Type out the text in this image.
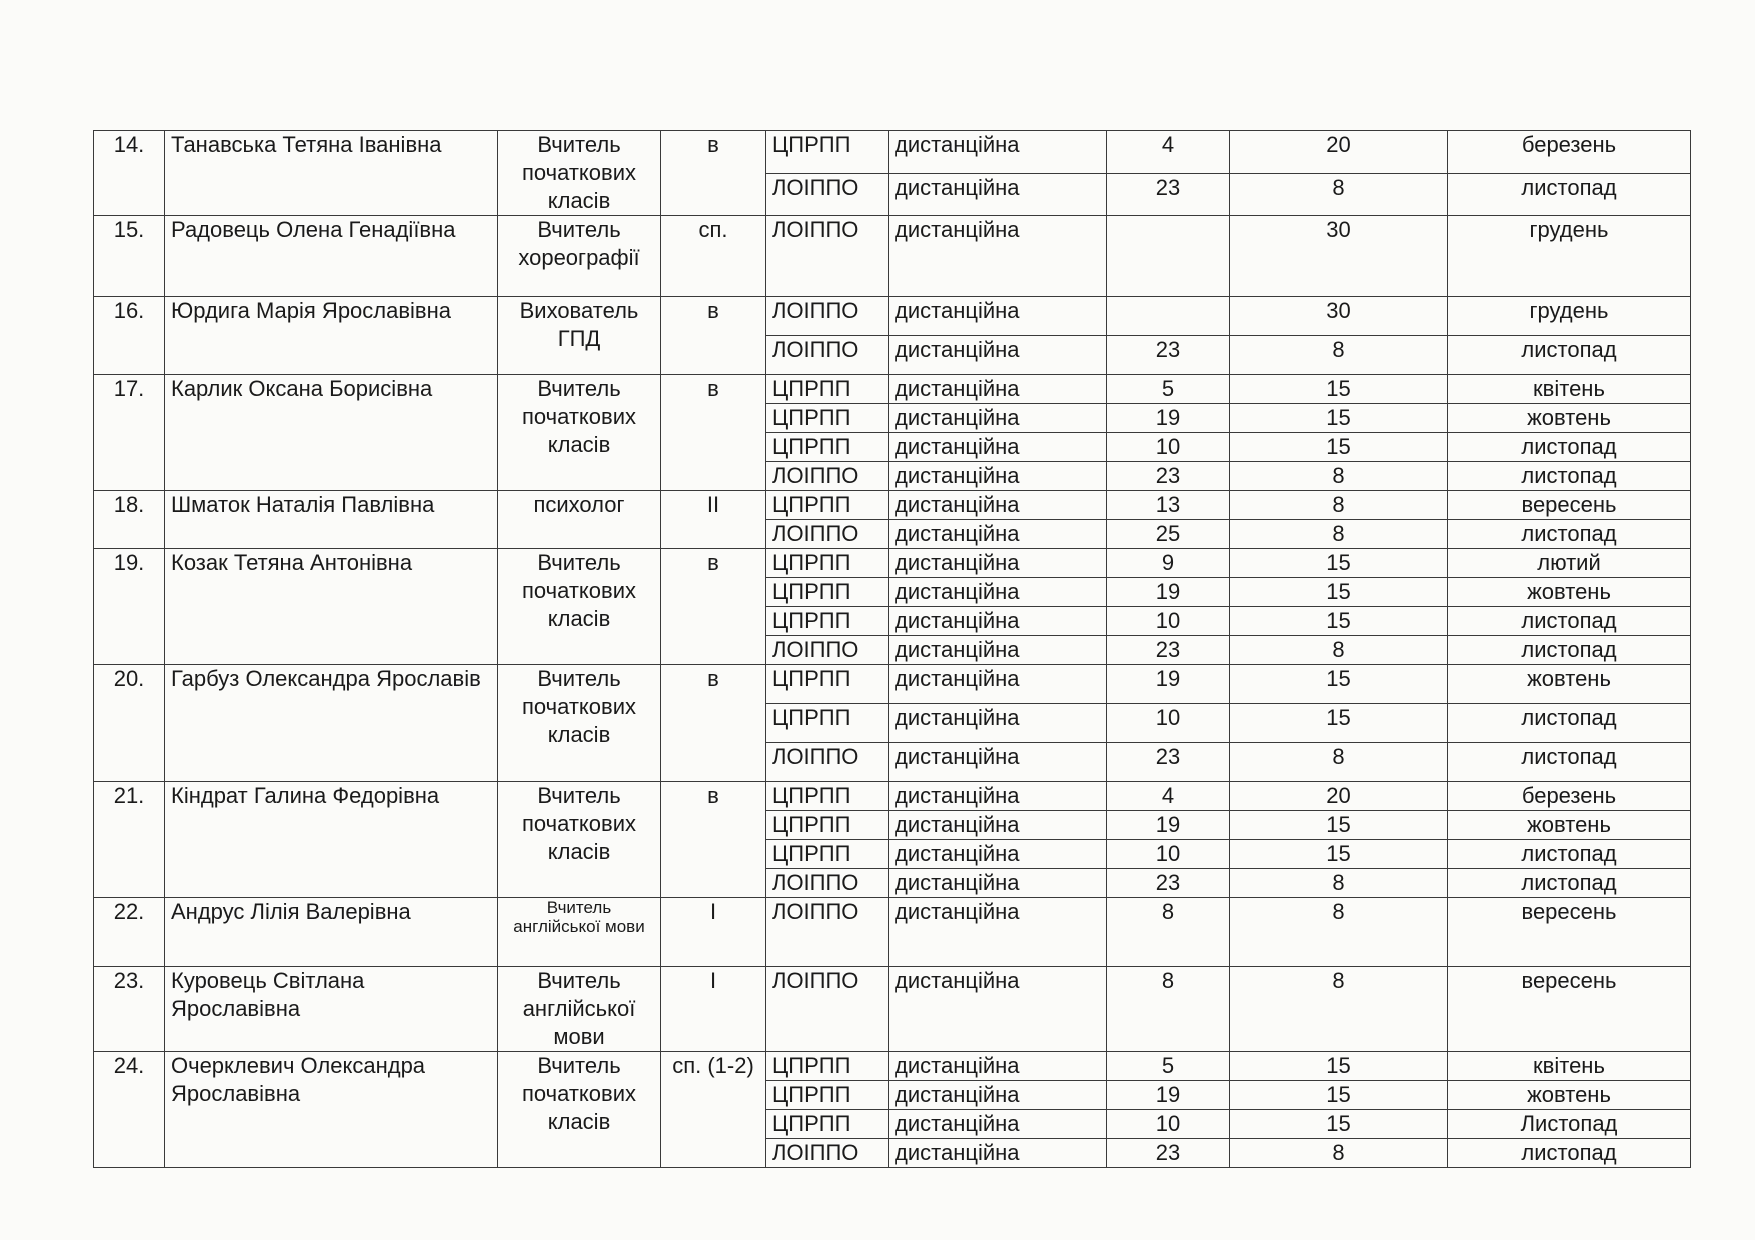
14.	Танавська Тетяна Іванівна	Вчитель початкових класів	в	ЦПРПП	дистанційна	4	20	березень
				ЛОІППО	дистанційна	23	8	листопад
15.	Радовець Олена Генадіївна	Вчитель хореографії	сп.	ЛОІППО	дистанційна		30	грудень
16.	Юрдига Марія Ярославівна	Вихователь ГПД	в	ЛОІППО	дистанційна		30	грудень
				ЛОІППО	дистанційна	23	8	листопад
17.	Карлик Оксана Борисівна	Вчитель початкових класів	в	ЦПРПП	дистанційна	5	15	квітень
				ЦПРПП	дистанційна	19	15	жовтень
				ЦПРПП	дистанційна	10	15	листопад
				ЛОІППО	дистанційна	23	8	листопад
18.	Шматок Наталія Павлівна	психолог	ІІ	ЦПРПП	дистанційна	13	8	вересень
				ЛОІППО	дистанційна	25	8	листопад
19.	Козак Тетяна Антонівна	Вчитель початкових класів	в	ЦПРПП	дистанційна	9	15	лютий
				ЦПРПП	дистанційна	19	15	жовтень
				ЦПРПП	дистанційна	10	15	листопад
				ЛОІППО	дистанційна	23	8	листопад
20.	Гарбуз Олександра Ярославів	Вчитель початкових класів	в	ЦПРПП	дистанційна	19	15	жовтень
				ЦПРПП	дистанційна	10	15	листопад
				ЛОІППО	дистанційна	23	8	листопад
21.	Кіндрат Галина Федорівна	Вчитель початкових класів	в	ЦПРПП	дистанційна	4	20	березень
				ЦПРПП	дистанційна	19	15	жовтень
				ЦПРПП	дистанційна	10	15	листопад
				ЛОІППО	дистанційна	23	8	листопад
22.	Андрус Лілія Валерівна	Вчитель англійської мови	І	ЛОІППО	дистанційна	8	8	вересень
23.	Куровець Світлана Ярославівна	Вчитель англійської мови	І	ЛОІППО	дистанційна	8	8	вересень
24.	Очерклевич Олександра Ярославівна	Вчитель початкових класів	сп. (1-2)	ЦПРПП	дистанційна	5	15	квітень
				ЦПРПП	дистанційна	19	15	жовтень
				ЦПРПП	дистанційна	10	15	Листопад
				ЛОІППО	дистанційна	23	8	листопад
